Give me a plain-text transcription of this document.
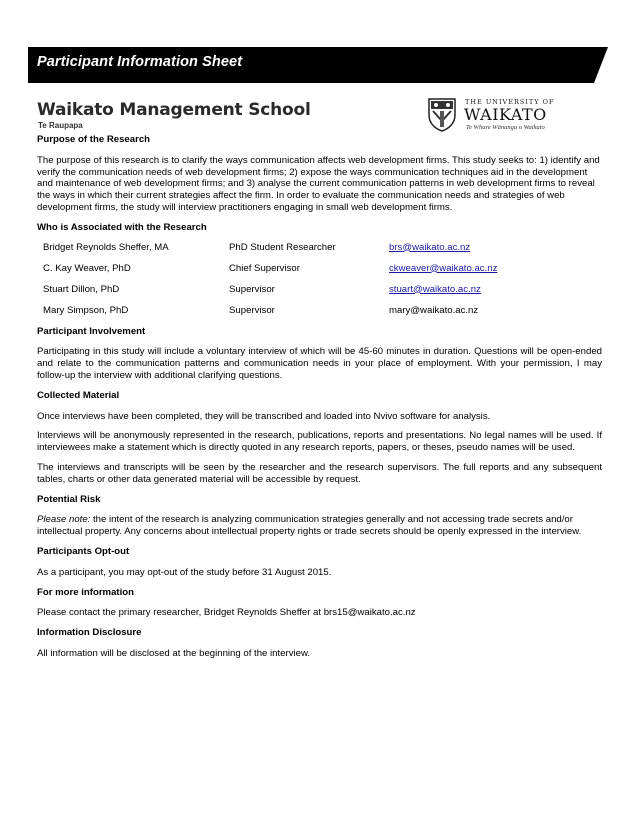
Participant Information Sheet
Waikato Management School
Te Raupapa
THE UNIVERSITY OF
WAIKATO
Te Whare Wānanga o Waikato

Purpose of the Research

The purpose of this research is to clarify the ways communication affects web development firms. This study seeks to: 1) identify and verify the communication needs of web development firms; 2) expose the ways communication techniques aid in the development and maintenance of web development firms; and 3) analyse the current communication patterns in web development firms to reveal the ways in which their current strategies affect the firm. In order to evaluate the communication needs and strategies of web development firms, the study will interview practitioners engaging in small web development firms.

Who is Associated with the Research

Bridget Reynolds Sheffer, MA	PhD Student Researcher	brs@waikato.ac.nz
C. Kay Weaver, PhD	Chief Supervisor	ckweaver@waikato.ac.nz
Stuart Dillon, PhD	Supervisor	stuart@waikato.ac.nz
Mary Simpson, PhD	Supervisor	mary@waikato.ac.nz

Participant Involvement

Participating in this study will include a voluntary interview of which will be 45-60 minutes in duration. Questions will be open-ended and relate to the communication patterns and communication needs in your place of employment. With your permission, I may follow-up the interview with additional clarifying questions.

Collected Material

Once interviews have been completed, they will be transcribed and loaded into Nvivo software for analysis.

Interviews will be anonymously represented in the research, publications, reports and presentations. No legal names will be used. If interviewees make a statement which is directly quoted in any research reports, papers, or theses, pseudo names will be used.

The interviews and transcripts will be seen by the researcher and the research supervisors. The full reports and any subsequent tables, charts or other data generated material will be accessible by request.

Potential Risk

Please note: the intent of the research is analyzing communication strategies generally and not accessing trade secrets and/or intellectual property. Any concerns about intellectual property rights or trade secrets should be openly expressed in the interview.

Participants Opt-out

As a participant, you may opt-out of the study before 31 August 2015.

For more information

Please contact the primary researcher, Bridget Reynolds Sheffer at brs15@waikato.ac.nz

Information Disclosure

All information will be disclosed at the beginning of the interview.
